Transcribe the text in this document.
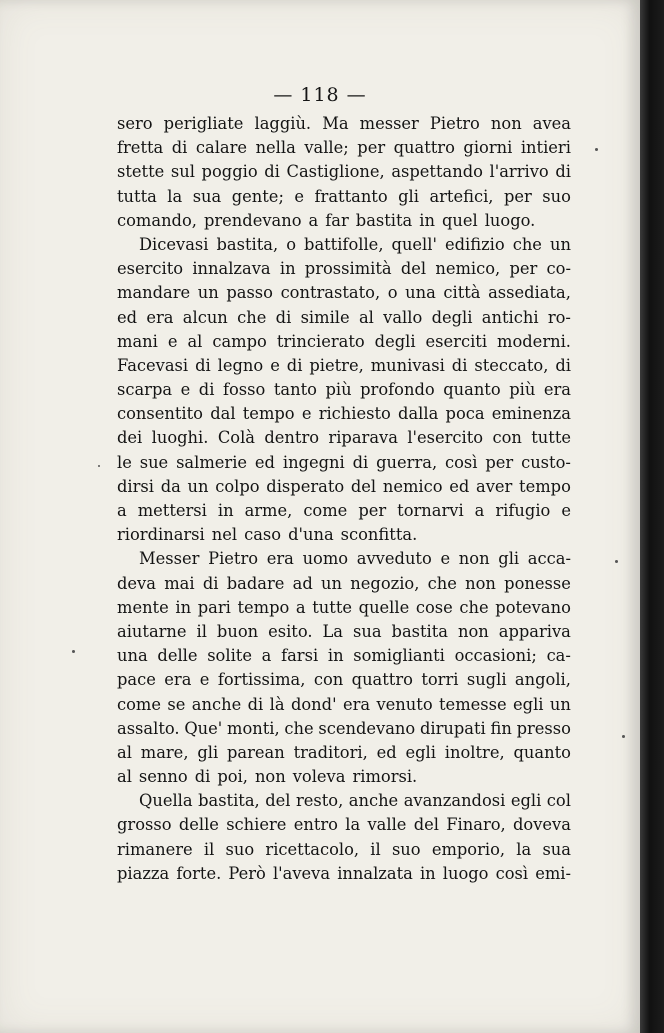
— 118 —
sero perigliate laggiù. Ma messer Pietro non avea
fretta di calare nella valle; per quattro giorni intieri
stette sul poggio di Castiglione, aspettando l'arrivo di
tutta la sua gente; e frattanto gli artefici, per suo
comando, prendevano a far bastita in quel luogo.
Dicevasi bastita, o battifolle, quell' edifizio che un
esercito innalzava in prossimità del nemico, per co-
mandare un passo contrastato, o una città assediata,
ed era alcun che di simile al vallo degli antichi ro-
mani e al campo trincierato degli eserciti moderni.
Facevasi di legno e di pietre, munivasi di steccato, di
scarpa e di fosso tanto più profondo quanto più era
consentito dal tempo e richiesto dalla poca eminenza
dei luoghi. Colà dentro riparava l'esercito con tutte
le sue salmerie ed ingegni di guerra, così per custo-
dirsi da un colpo disperato del nemico ed aver tempo
a mettersi in arme, come per tornarvi a rifugio e
riordinarsi nel caso d'una sconfitta.
Messer Pietro era uomo avveduto e non gli acca-
deva mai di badare ad un negozio, che non ponesse
mente in pari tempo a tutte quelle cose che potevano
aiutarne il buon esito. La sua bastita non appariva
una delle solite a farsi in somiglianti occasioni; ca-
pace era e fortissima, con quattro torri sugli angoli,
come se anche di là dond' era venuto temesse egli un
assalto. Que' monti, che scendevano dirupati fin presso
al mare, gli parean traditori, ed egli inoltre, quanto
al senno di poi, non voleva rimorsi.
Quella bastita, del resto, anche avanzandosi egli col
grosso delle schiere entro la valle del Finaro, doveva
rimanere il suo ricettacolo, il suo emporio, la sua
piazza forte. Però l'aveva innalzata in luogo così emi-
